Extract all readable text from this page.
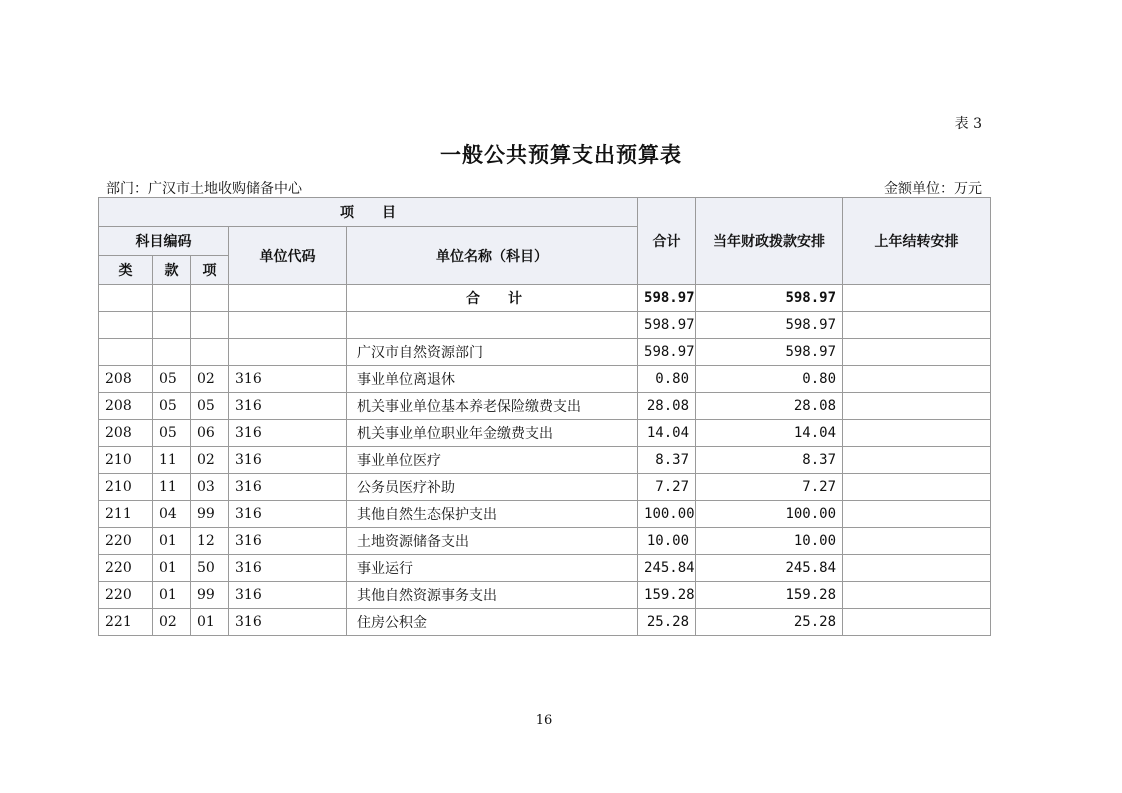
表 3
一般公共预算支出预算表
部门：广汉市土地收购储备中心	金额单位：万元
项　　目					合计	当年财政拨款安排	上年结转安排
科目编码			单位代码	单位名称（科目）			
类	款	项					
				合　　计	598.97	598.97	
					598.97	598.97	
				广汉市自然资源部门	598.97	598.97	
208	05	02	316	事业单位离退休	0.80	0.80	
208	05	05	316	机关事业单位基本养老保险缴费支出	28.08	28.08	
208	05	06	316	机关事业单位职业年金缴费支出	14.04	14.04	
210	11	02	316	事业单位医疗	8.37	8.37	
210	11	03	316	公务员医疗补助	7.27	7.27	
211	04	99	316	其他自然生态保护支出	100.00	100.00	
220	01	12	316	土地资源储备支出	10.00	10.00	
220	01	50	316	事业运行	245.84	245.84	
220	01	99	316	其他自然资源事务支出	159.28	159.28	
221	02	01	316	住房公积金	25.28	25.28	
16
